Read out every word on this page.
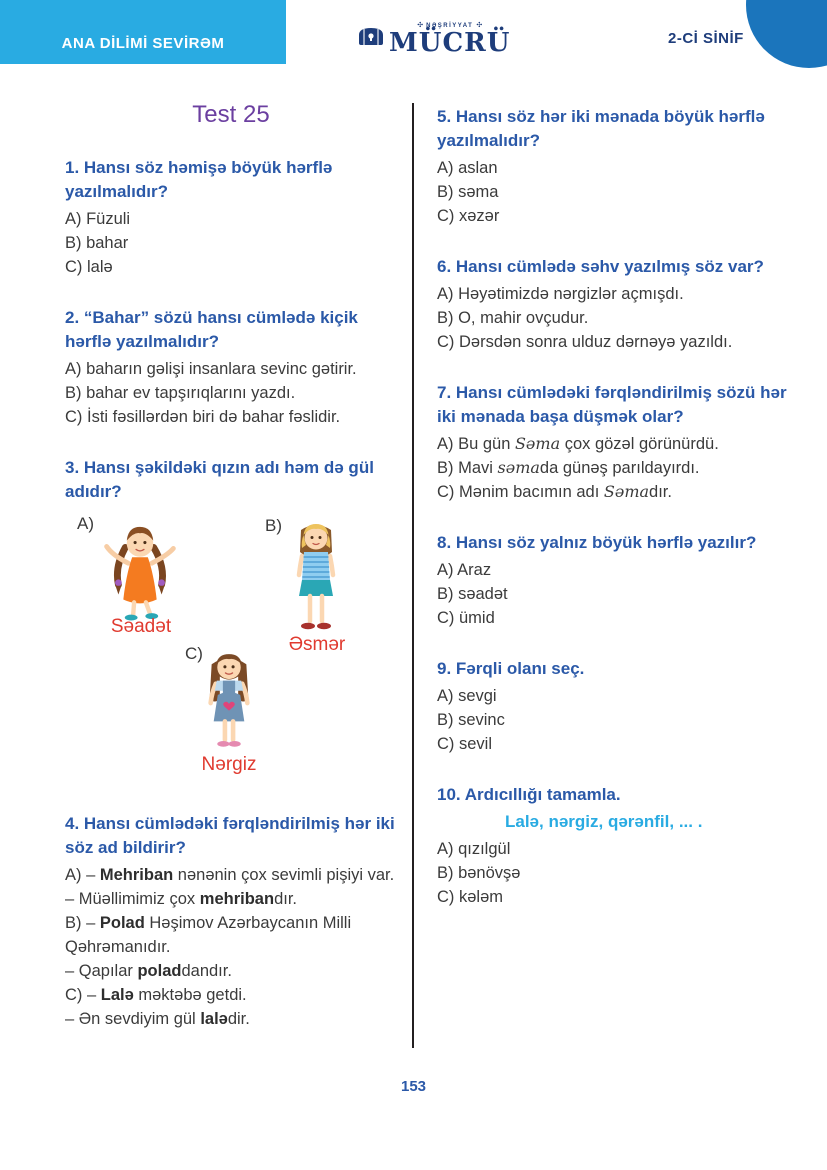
ANA DİLİMİ SEVİRƏM
✣ NƏŞRİYYAT ✣
MÜCRÜ	2-Cİ SİNİF
Test 25

1. Hansı söz həmişə böyük hərflə yazılmalıdır?

A) Füzuli

B) bahar

C) lalə

2. “Bahar” sözü hansı cümlədə kiçik hərflə yazılmalıdır?

A) baharın gəlişi insanlara sevinc gətirir.

B) bahar ev tapşırıqlarını yazdı.

C) İsti fəsillərdən biri də bahar fəslidir.

3. Hansı şəkildəki qızın adı həm də gül adıdır?

A)	B)
C)
Səadət
Əsmər
Nərgiz

4. Hansı cümlədəki fərqləndirilmiş hər iki söz ad bildirir?

A) – Mehriban nənənin çox sevimli pişiyi var.

– Müəllimimiz çox mehribandır.

B) – Polad Həşimov Azərbaycanın Milli Qəhrəmanıdır.

– Qapılar poladdandır.

C) – Lalə məktəbə getdi.

– Ən sevdiyim gül lalədir.

5. Hansı söz hər iki mənada böyük hərflə yazılmalıdır?

A) aslan

B) səma

C) xəzər

6. Hansı cümlədə səhv yazılmış söz var?

A) Həyətimizdə nərgizlər açmışdı.

B) O, mahir ovçudur.

C) Dərsdən sonra ulduz dərnəyə yazıldı.

7. Hansı cümlədəki fərqləndirilmiş sözü hər iki mənada başa düşmək olar?

A) Bu gün Səma çox gözəl görünürdü.

B) Mavi səmada günəş parıldayırdı.

C) Mənim bacımın adı Səmadır.

8. Hansı söz yalnız böyük hərflə yazılır?

A) Araz

B) səadət

C) ümid

9. Fərqli olanı seç.

A) sevgi

B) sevinc

C) sevil

10. Ardıcıllığı tamamla.

Lalə, nərgiz, qərənfil, ... .

A) qızılgül

B) bənövşə

C) kələm

153
